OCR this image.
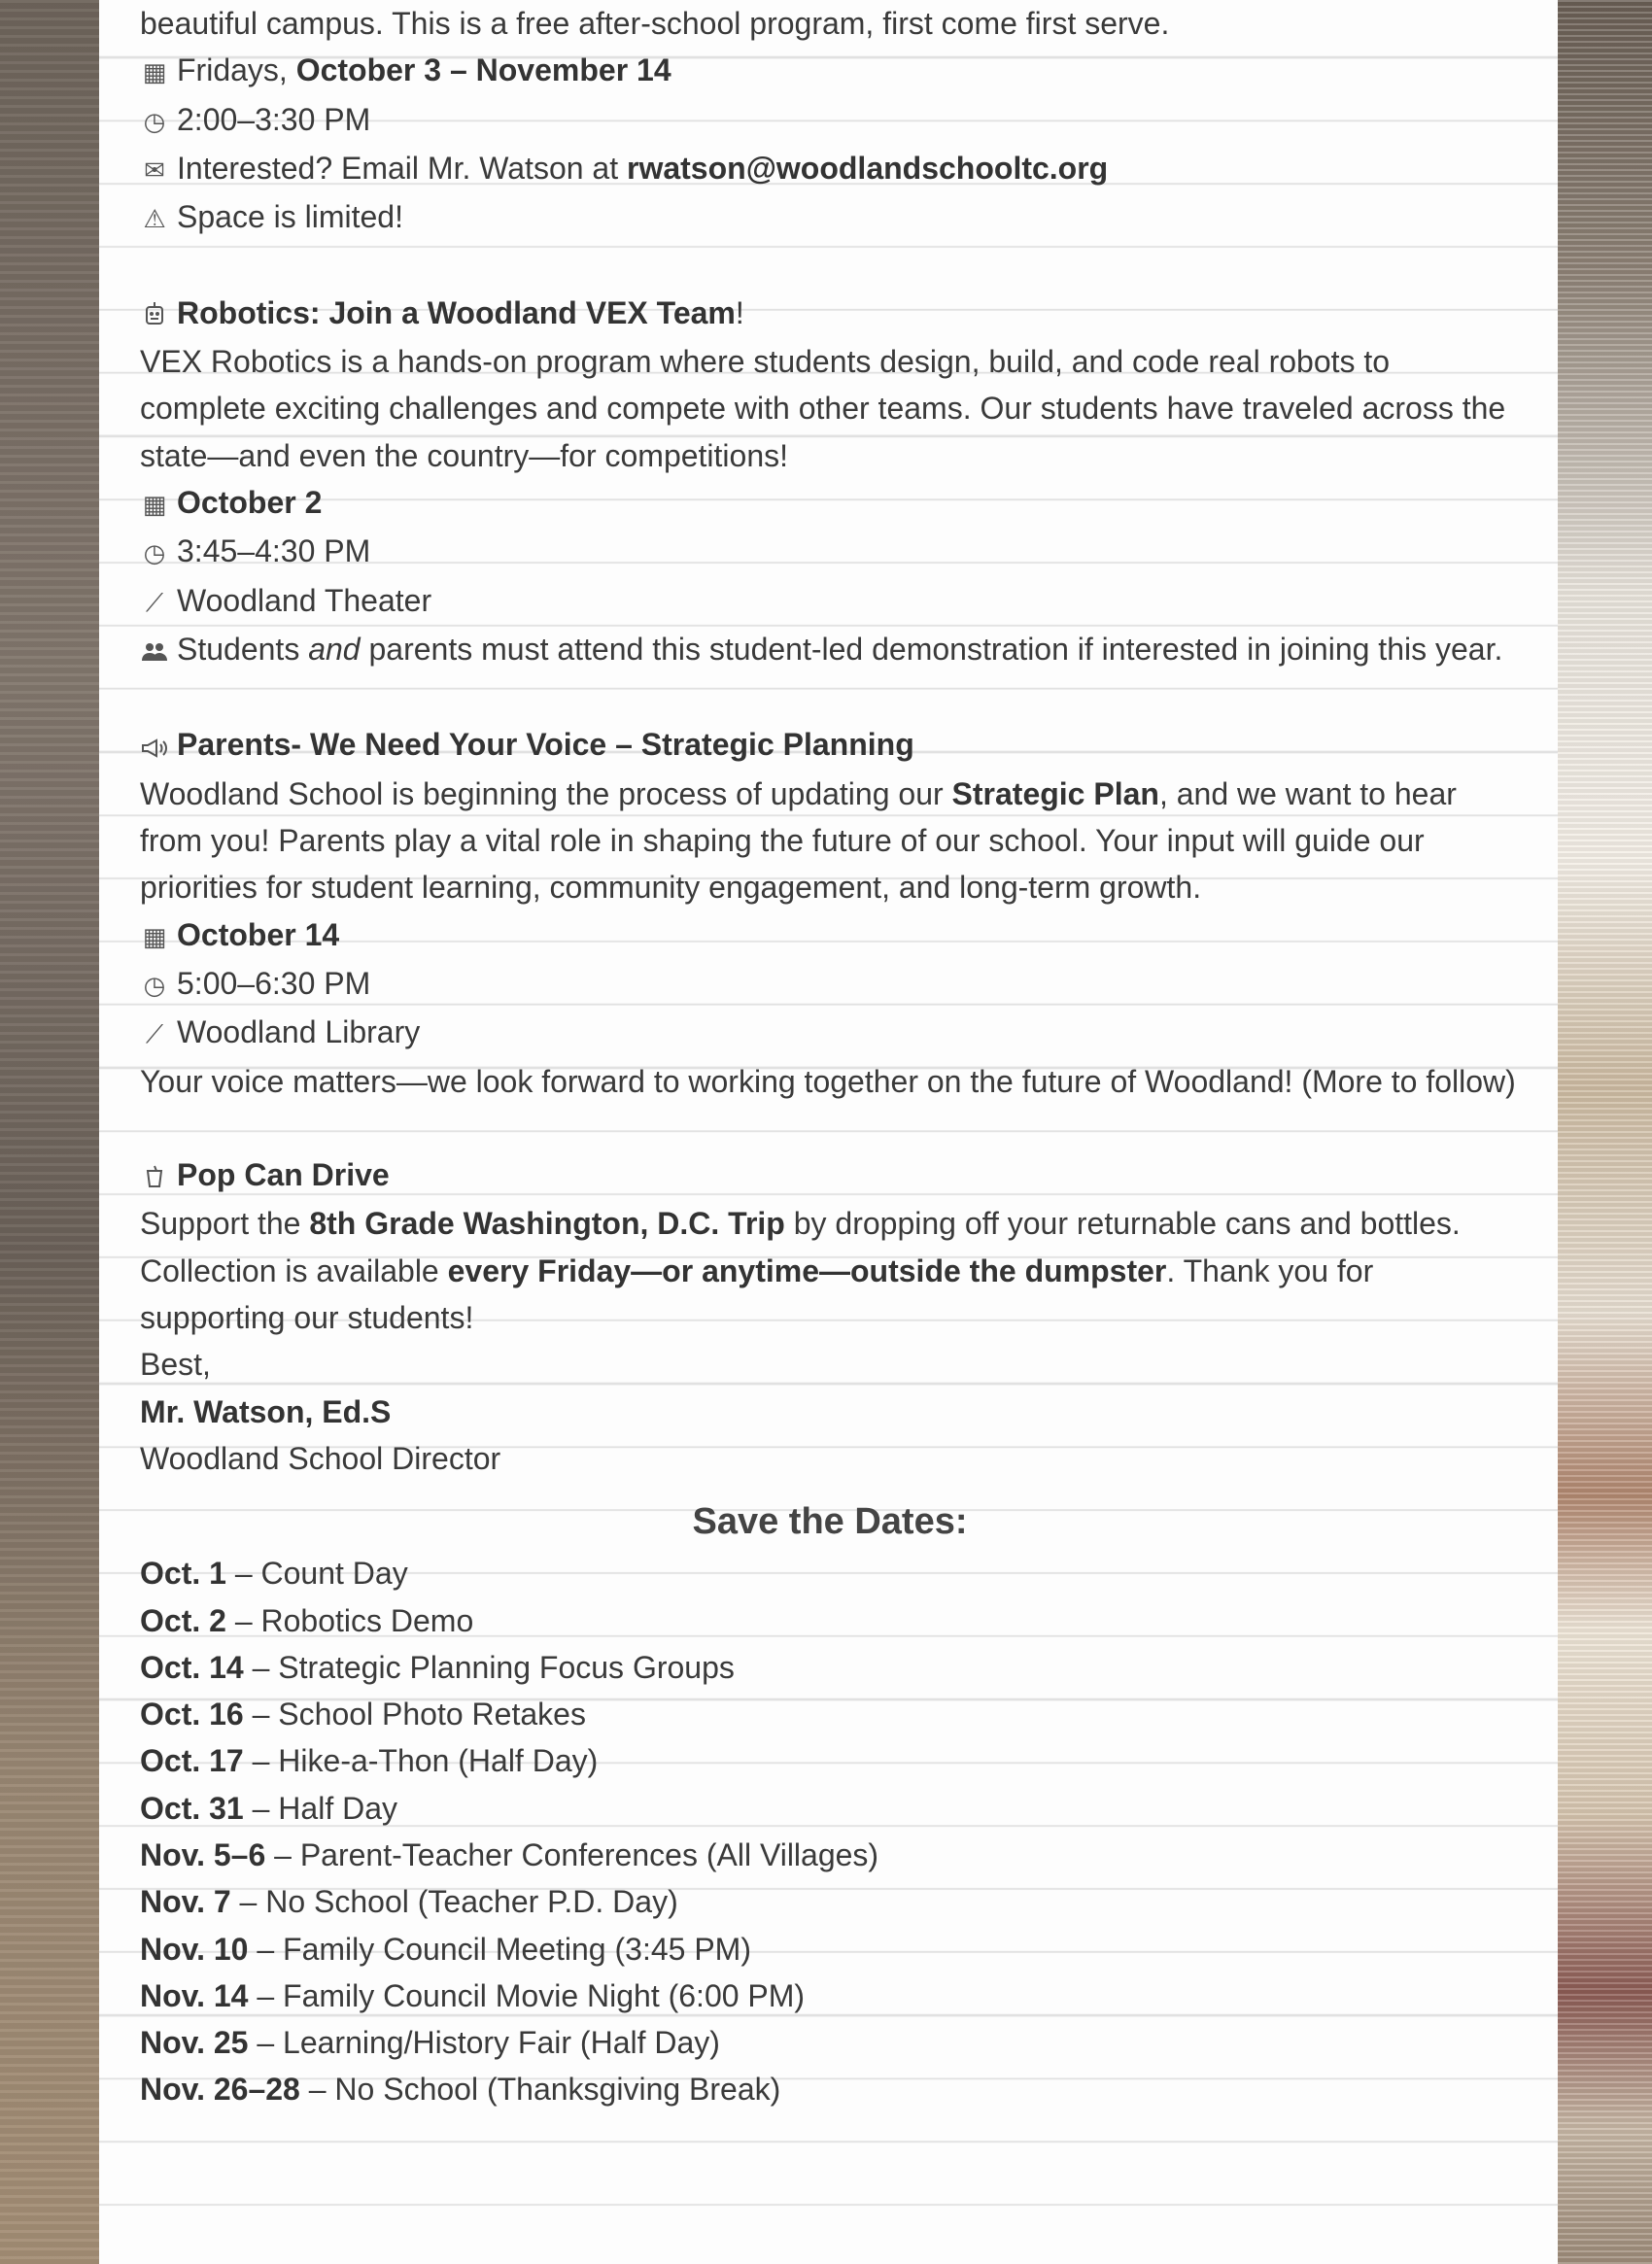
beautiful campus. This is a free after-school program, first come first serve.

▦ Fridays, October 3 – November 14

◷ 2:00–3:30 PM

✉ Interested? Email Mr. Watson at rwatson@woodlandschooltc.org

⚠ Space is limited!

Robotics: Join a Woodland VEX Team!

VEX Robotics is a hands-on program where students design, build, and code real robots to complete exciting challenges and compete with other teams. Our students have traveled across the state—and even the country—for competitions!

▦ October 2

◷ 3:45–4:30 PM

⟋ Woodland Theater

Students and parents must attend this student-led demonstration if interested in joining this year.

Parents- We Need Your Voice – Strategic Planning

Woodland School is beginning the process of updating our Strategic Plan, and we want to hear from you! Parents play a vital role in shaping the future of our school. Your input will guide our priorities for student learning, community engagement, and long-term growth.

▦ October 14

◷ 5:00–6:30 PM

⟋ Woodland Library

Your voice matters—we look forward to working together on the future of Woodland! (More to follow)

Pop Can Drive

Support the 8th Grade Washington, D.C. Trip by dropping off your returnable cans and bottles. Collection is available every Friday—or anytime—outside the dumpster. Thank you for supporting our students!

Best,

Mr. Watson, Ed.S

Woodland School Director

Save the Dates:
Oct. 1 – Count Day
Oct. 2 – Robotics Demo
Oct. 14 – Strategic Planning Focus Groups
Oct. 16 – School Photo Retakes
Oct. 17 – Hike-a-Thon (Half Day)
Oct. 31 – Half Day
Nov. 5–6 – Parent-Teacher Conferences (All Villages)
Nov. 7 – No School (Teacher P.D. Day)
Nov. 10 – Family Council Meeting (3:45 PM)
Nov. 14 – Family Council Movie Night (6:00 PM)
Nov. 25 – Learning/History Fair (Half Day)
Nov. 26–28 – No School (Thanksgiving Break)
